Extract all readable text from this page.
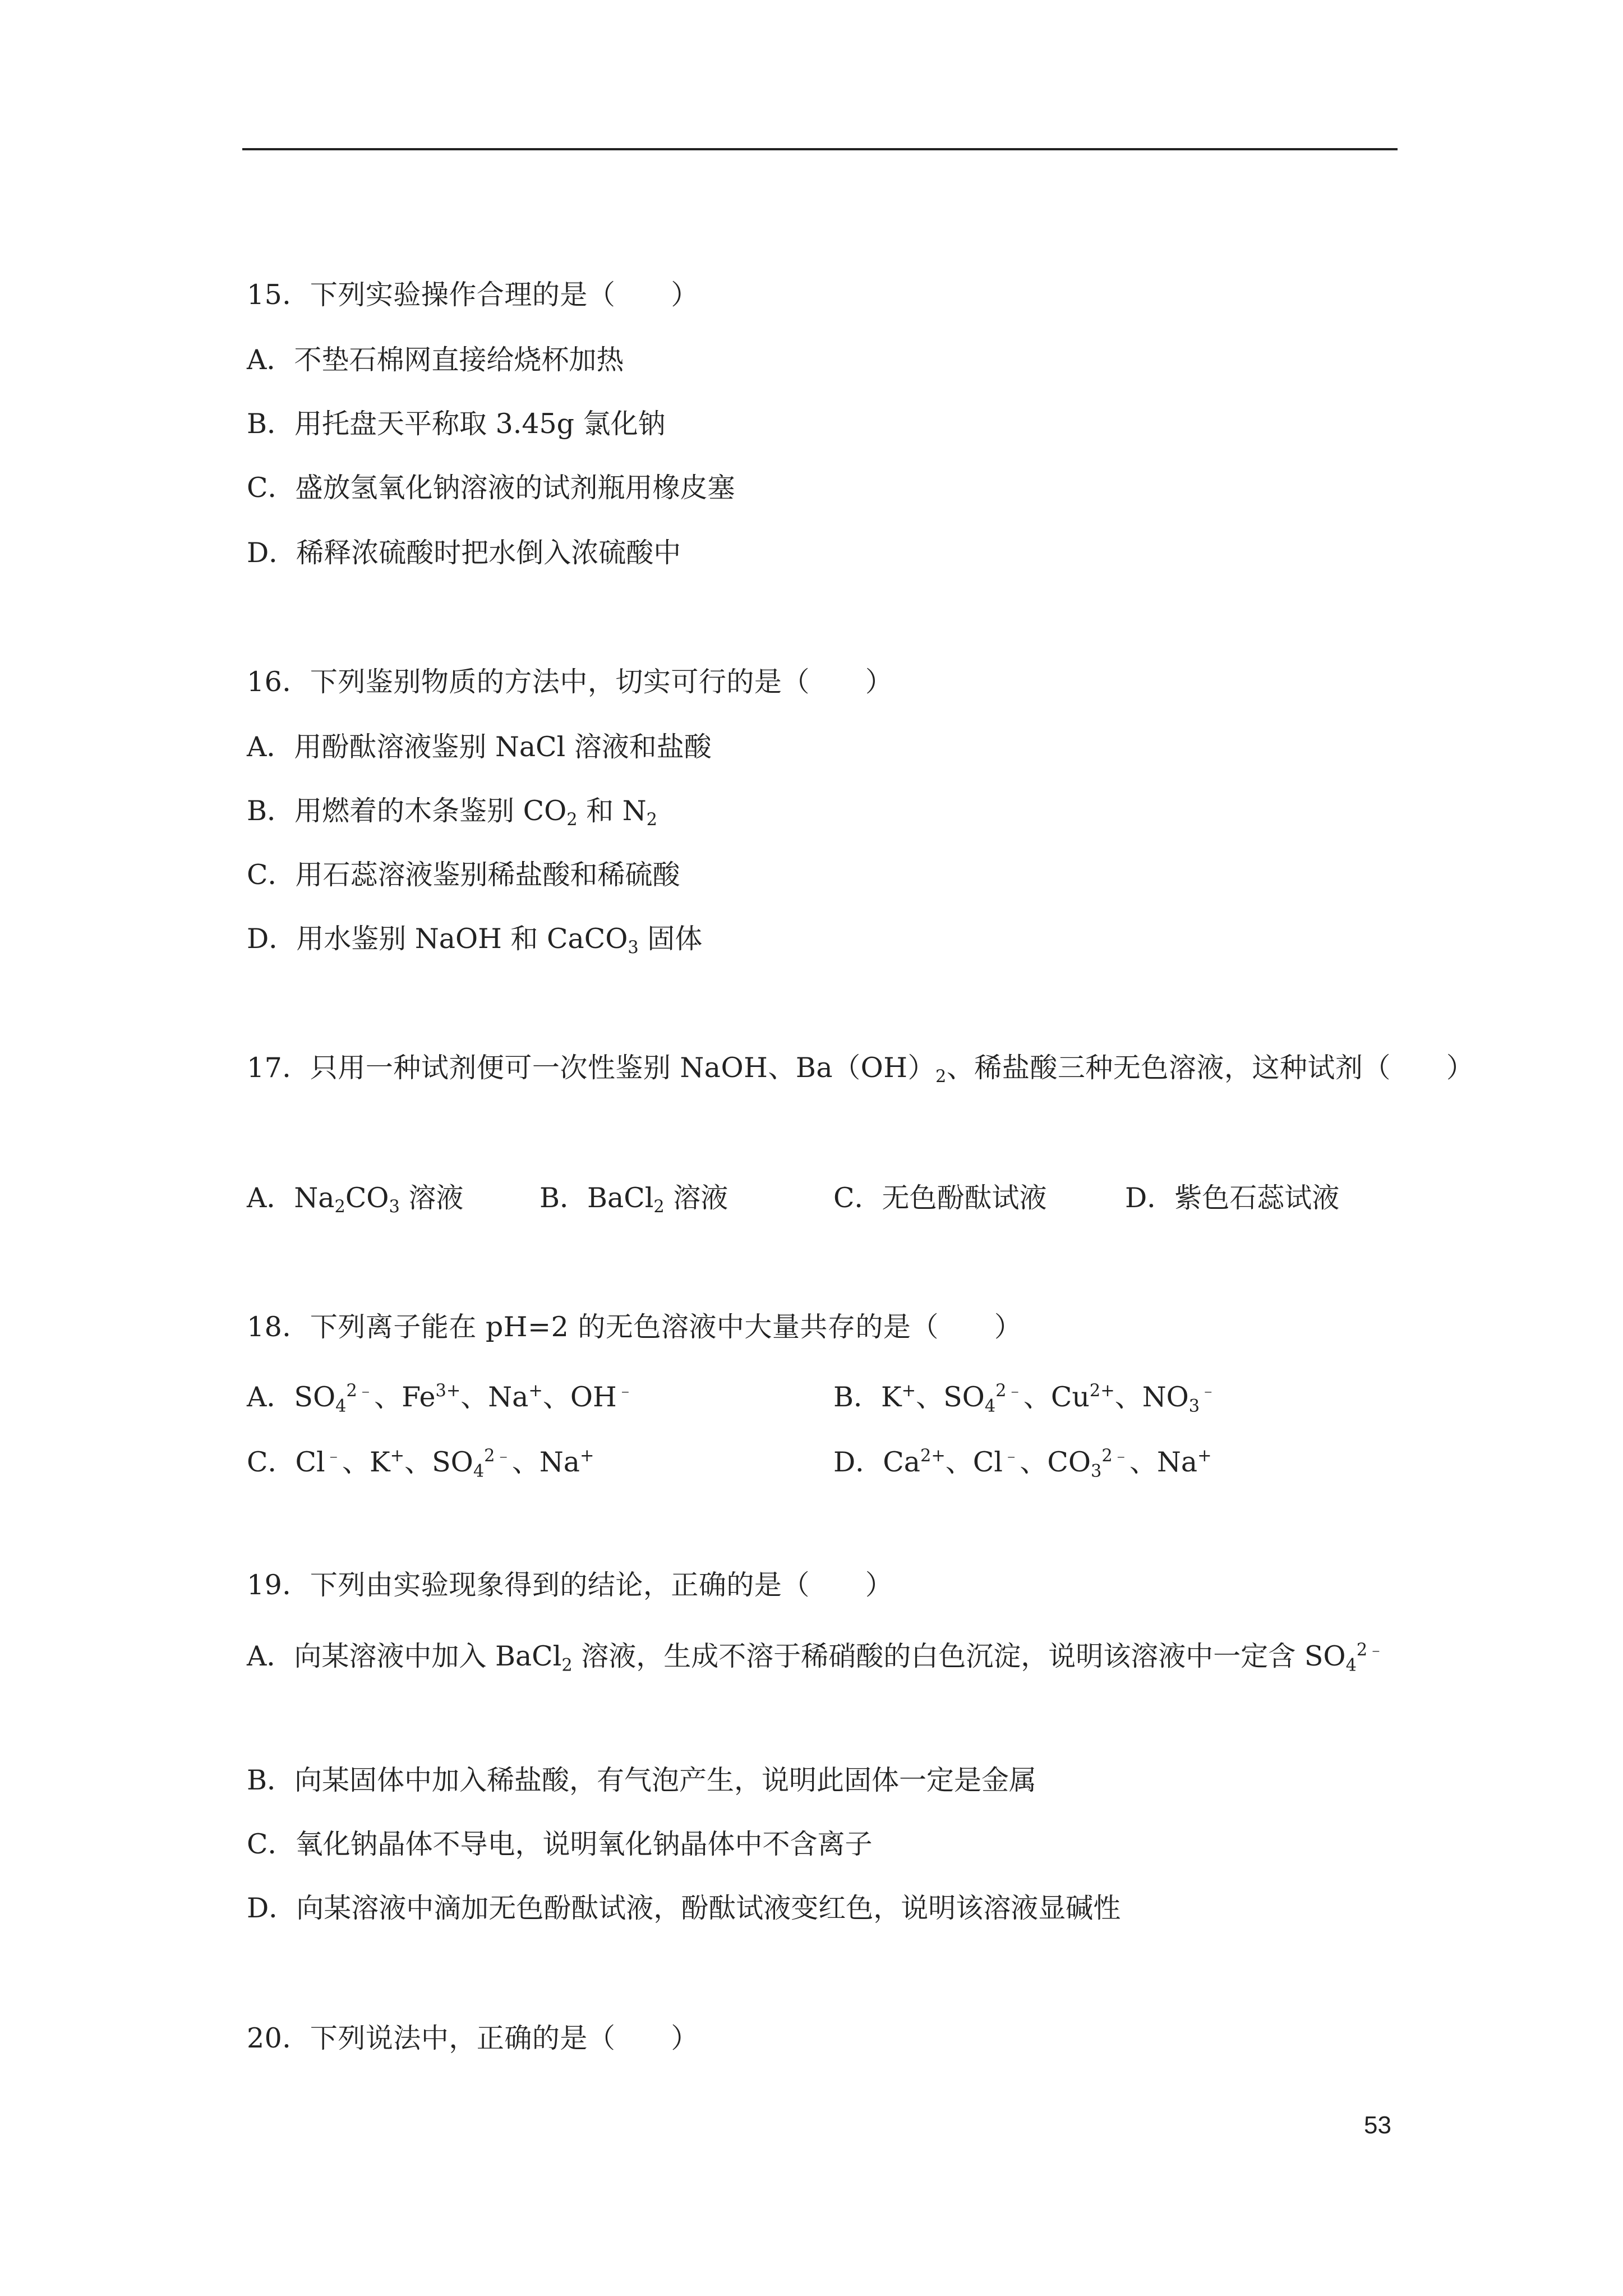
15．下列实验操作合理的是（　　）
A．不垫石棉网直接给烧杯加热
B．用托盘天平称取 3.45g 氯化钠
C．盛放氢氧化钠溶液的试剂瓶用橡皮塞
D．稀释浓硫酸时把水倒入浓硫酸中
16．下列鉴别物质的方法中，切实可行的是（　　）
A．用酚酞溶液鉴别 NaCl 溶液和盐酸
B．用燃着的木条鉴别 $CO_2$ 和 $N_2$
C．用石蕊溶液鉴别稀盐酸和稀硫酸
D．用水鉴别 NaOH 和 CaCO$_3$ 固体
17．只用一种试剂便可一次性鉴别 NaOH、$Ba(OH)_2$、稀盐酸三种无色溶液，这种试剂（　　）
A．$Na_2CO_3$ 溶液	B．BaCl$_2$ 溶液	C．无色酚酞试液	D．紫色石蕊试液
18．下列离子能在 pH=2 的无色溶液中大量共存的是（　　）
A．$SO_4^{2﹣}$、$Fe^{3+}$、Na+、OH﹣	B．K+、$SO_4^{2﹣}$、$Cu^{2+}$、$NO_3^﹣$
C．Cl﹣、K+、$SO_4^{2﹣}$、Na+	D．$Ca^{2+}$、Cl﹣、$CO_3^{2﹣}$、Na+
19．下列由实验现象得到的结论，正确的是（　　）
A．向某溶液中加入 BaCl$_2$ 溶液，生成不溶于稀硝酸的白色沉淀，说明该溶液中一定含 $SO_4^{2﹣}$
B．向某固体中加入稀盐酸，有气泡产生，说明此固体一定是金属
C．氧化钠晶体不导电，说明氧化钠晶体中不含离子
D．向某溶液中滴加无色酚酞试液，酚酞试液变红色，说明该溶液显碱性
20．下列说法中，正确的是（　　）
53
